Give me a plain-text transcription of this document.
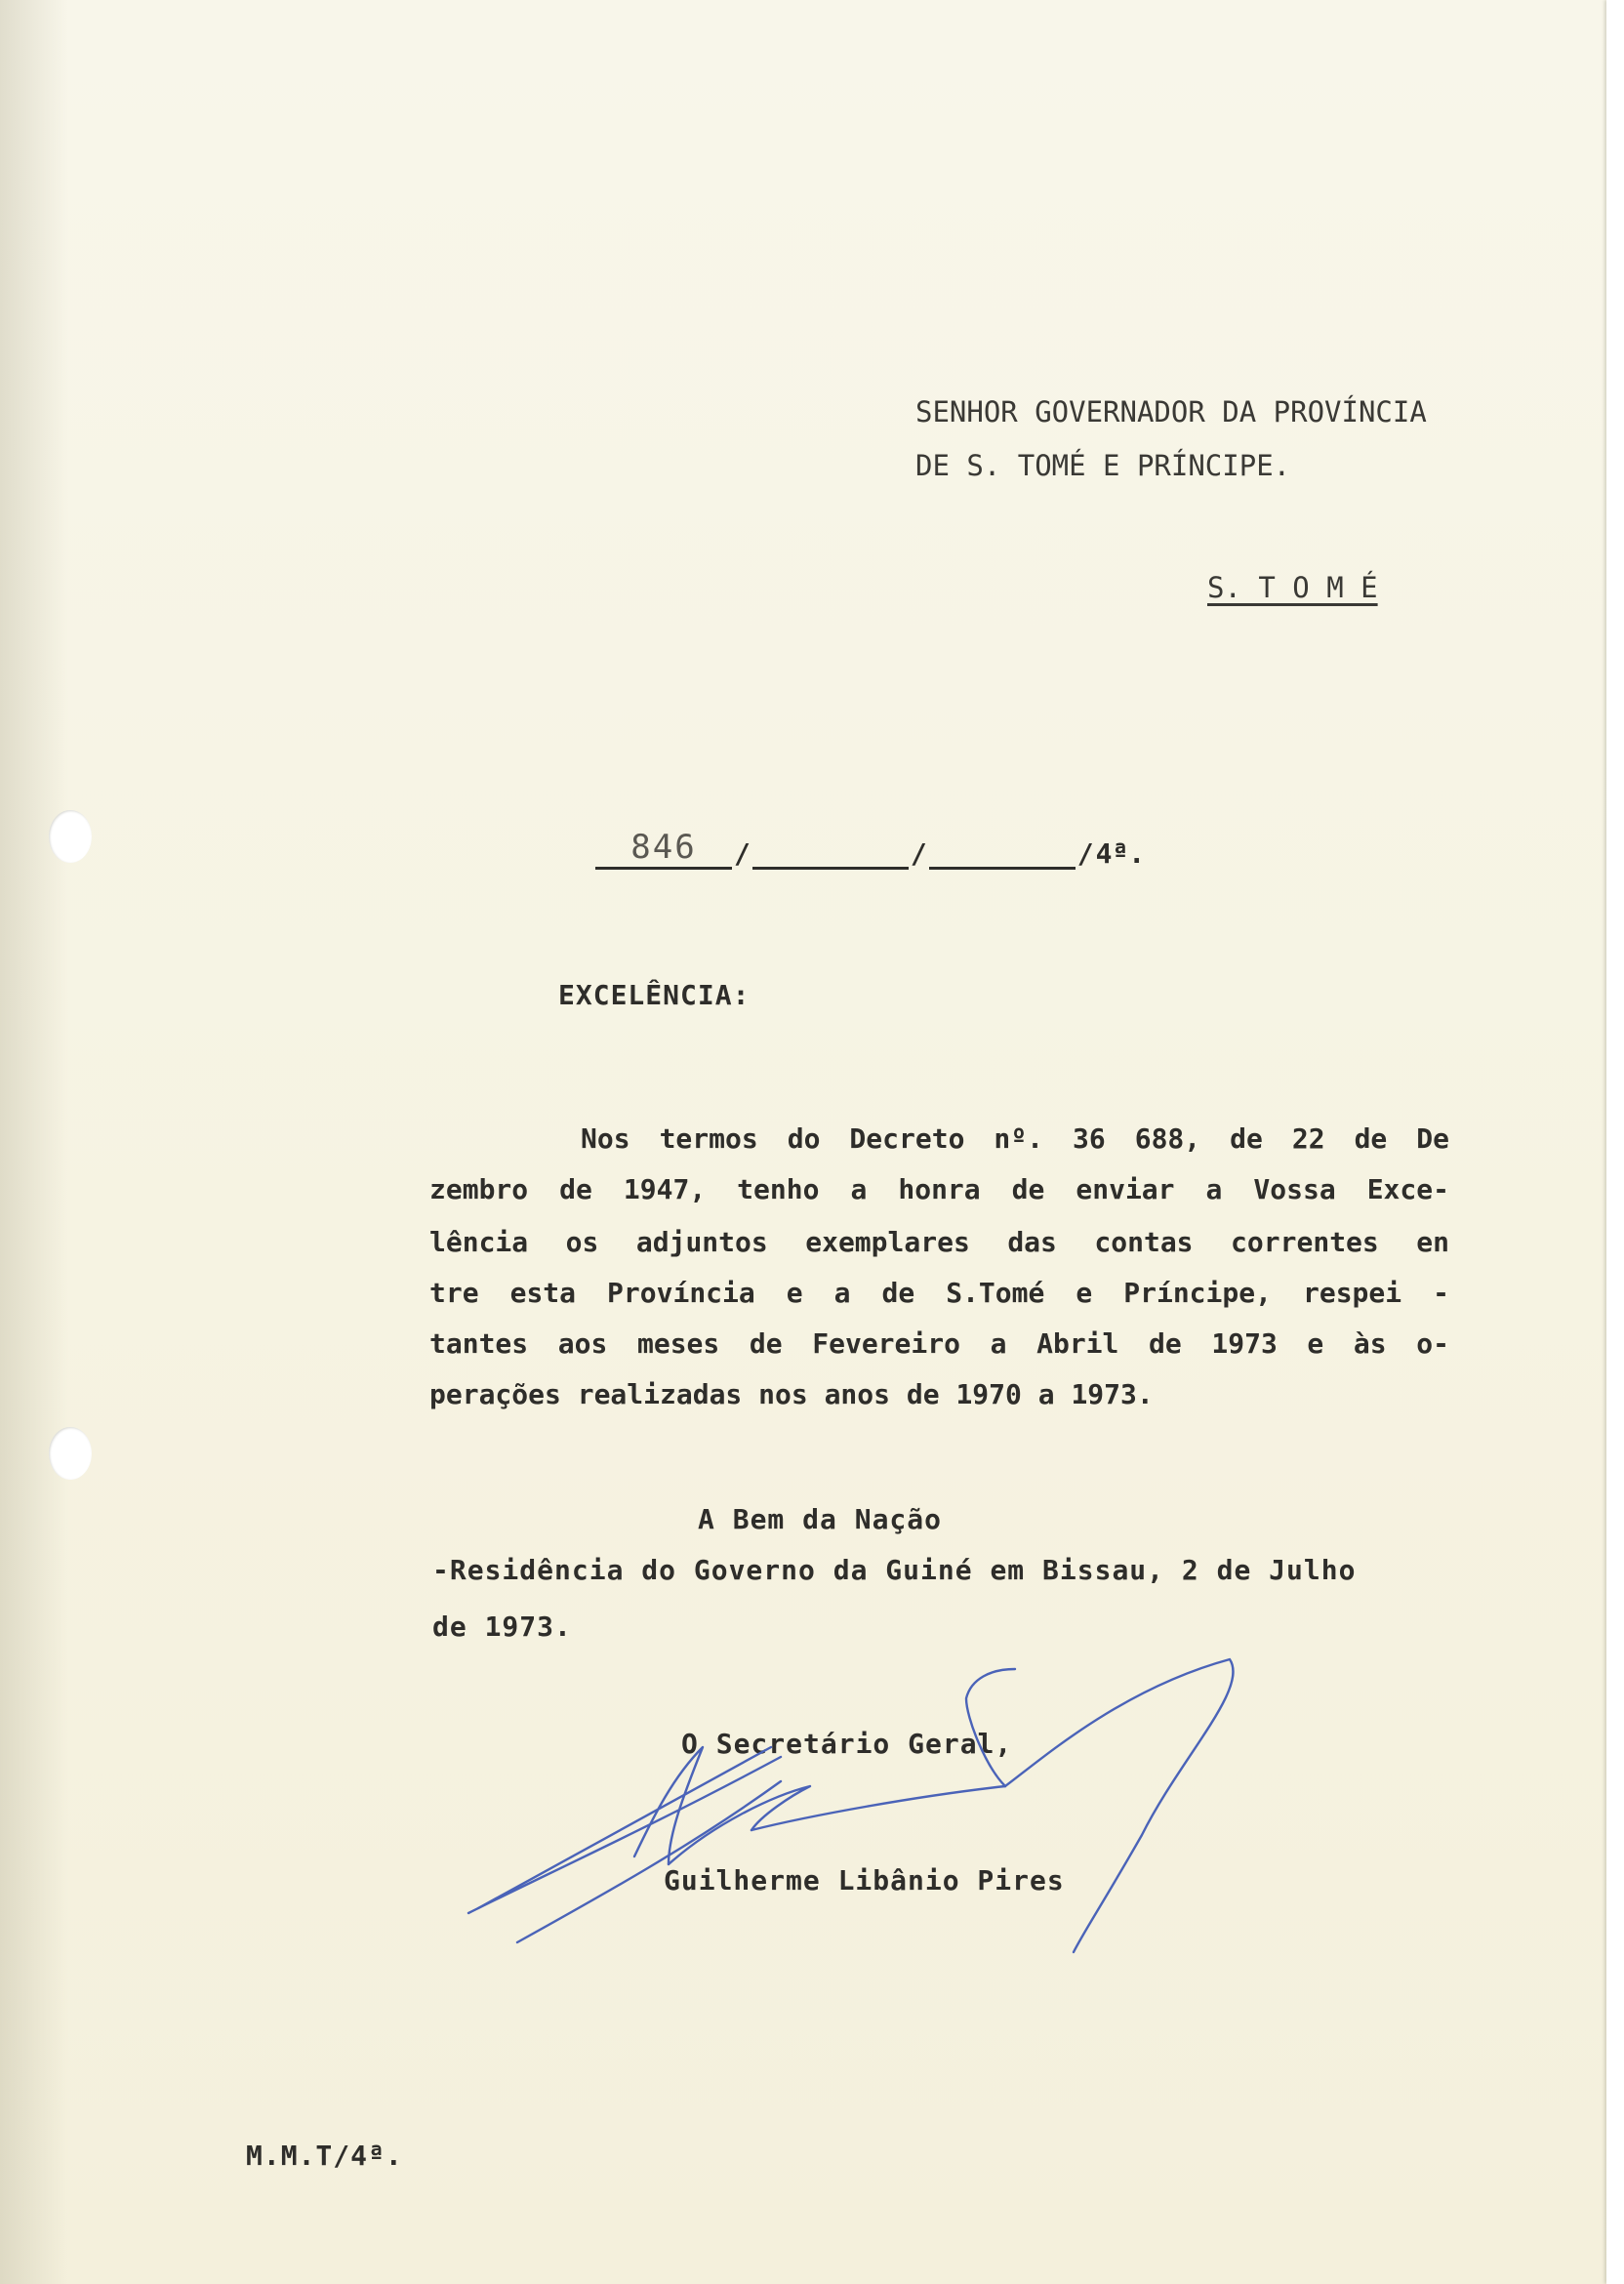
SENHOR GOVERNADOR DA PROVÍNCIA
DE S. TOMÉ E PRÍNCIPE.
S. T O M É
846	/	/	/ 4ª.
EXCELÊNCIA:
Nos termos do Decreto nº. 36 688, de 22 de De
zembro de 1947, tenho a honra de enviar a Vossa Exce-
lência os adjuntos exemplares das contas correntes en
tre esta Província e a de S.Tomé e Príncipe, respei -
tantes aos meses de Fevereiro a Abril de 1973 e às o-
perações realizadas nos anos de 1970 a 1973.
A Bem da Nação
-Residência do Governo da Guiné em Bissau, 2 de Julho
de 1973.
O Secretário Geral,
Guilherme Libânio Pires
M.M.T/4ª.
